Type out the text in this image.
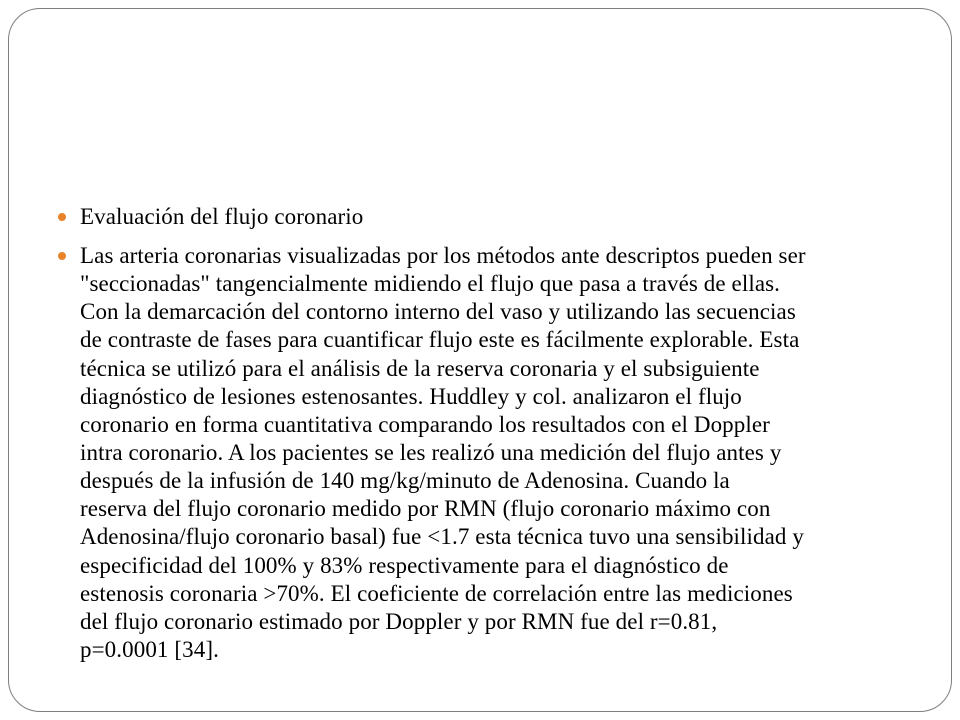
Evaluación del flujo coronario
Las arteria coronarias visualizadas por los métodos ante descriptos pueden ser
"seccionadas" tangencialmente midiendo el flujo que pasa a través de ellas.
Con la demarcación del contorno interno del vaso y utilizando las secuencias
de contraste de fases para cuantificar flujo este es fácilmente explorable. Esta
técnica se utilizó para el análisis de la reserva coronaria y el subsiguiente
diagnóstico de lesiones estenosantes. Huddley y col. analizaron el flujo
coronario en forma cuantitativa comparando los resultados con el Doppler
intra coronario. A los pacientes se les realizó una medición del flujo antes y
después de la infusión de 140 mg/kg/minuto de Adenosina. Cuando la
reserva del flujo coronario medido por RMN (flujo coronario máximo con
Adenosina/flujo coronario basal) fue <1.7 esta técnica tuvo una sensibilidad y
especificidad del 100% y 83% respectivamente para el diagnóstico de
estenosis coronaria >70%. El coeficiente de correlación entre las mediciones
del flujo coronario estimado por Doppler y por RMN fue del r=0.81,
p=0.0001 [34].
